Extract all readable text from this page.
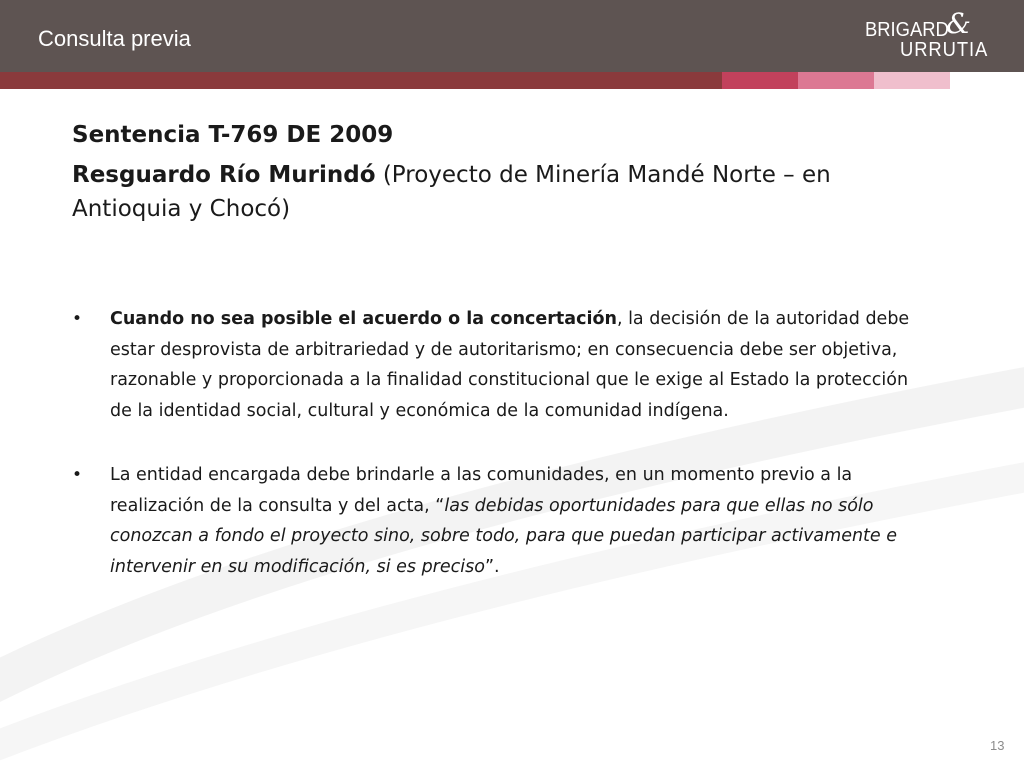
Consulta previa	BRIGARD
&
URRUTIA

Sentencia T-769 DE 2009

Resguardo Río Murindó (Proyecto de Minería Mandé Norte – en Antioquia y Chocó)

•	Cuando no sea posible el acuerdo o la concertación, la decisión de la autoridad debe estar desprovista de arbitrariedad y de autoritarismo; en consecuencia debe ser objetiva, razonable y proporcionada a la finalidad constitucional que le exige al Estado la protección de la identidad social, cultural y económica de la comunidad indígena.
•	La entidad encargada debe brindarle a las comunidades, en un momento previo a la realización de la consulta y del acta, “las debidas oportunidades para que ellas no sólo conozcan a fondo el proyecto sino, sobre todo, para que puedan participar activamente e intervenir en su modificación, si es preciso”.
13
